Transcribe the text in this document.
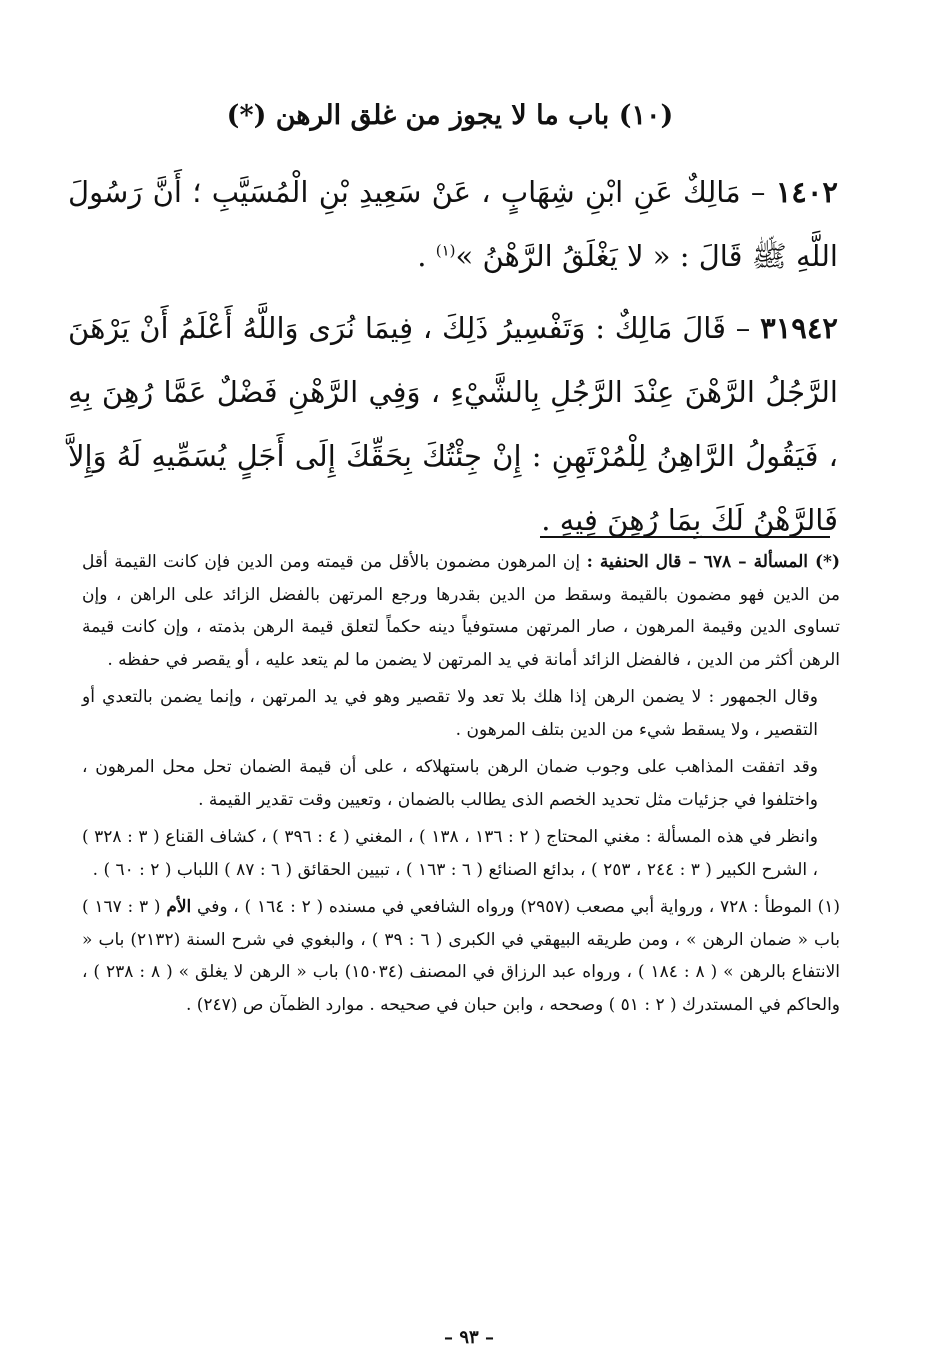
(١٠) باب ما لا يجوز من غلق الرهن (*)

١٤٠٢ – مَالِكٌ عَنِ ابْنِ شِهَابٍ ، عَنْ سَعِيدِ بْنِ الْمُسَيَّبِ ؛ أَنَّ رَسُولَ اللَّهِ ﷺ قَالَ : « لا يَغْلَقُ الرَّهْنُ »$^{(١)}$ .

٣١٩٤٢ – قَالَ مَالِكٌ : وَتَفْسِيرُ ذَلِكَ ، فِيمَا نُرَى وَاللَّهُ أَعْلَمُ أَنْ يَرْهَنَ الرَّجُلُ الرَّهْنَ عِنْدَ الرَّجُلِ بِالشَّيْءِ ، وَفِي الرَّهْنِ فَضْلٌ عَمَّا رُهِنَ بِهِ ، فَيَقُولُ الرَّاهِنُ لِلْمُرْتَهِنِ : إِنْ جِئْتُكَ بِحَقِّكَ إِلَى أَجَلٍ يُسَمِّيهِ لَهُ وَإِلاَّ فَالرَّهْنُ لَكَ بِمَا رُهِنَ فِيهِ .

(*) المسألة – ٦٧٨ – قال الحنفية : إن المرهون مضمون بالأقل من قيمته ومن الدين فإن كانت القيمة أقل من الدين فهو مضمون بالقيمة وسقط من الدين بقدرها ورجع المرتهن بالفضل الزائد على الراهن ، وإن تساوى الدين وقيمة المرهون ، صار المرتهن مستوفياً دينه حكماً لتعلق قيمة الرهن بذمته ، وإن كانت قيمة الرهن أكثر من الدين ، فالفضل الزائد أمانة في يد المرتهن لا يضمن ما لم يتعد عليه ، أو يقصر في حفظه .

وقال الجمهور : لا يضمن الرهن إذا هلك بلا تعد ولا تقصير وهو في يد المرتهن ، وإنما يضمن بالتعدي أو التقصير ، ولا يسقط شيء من الدين بتلف المرهون .

وقد اتفقت المذاهب على وجوب ضمان الرهن باستهلاكه ، على أن قيمة الضمان تحل محل المرهون ، واختلفوا في جزئيات مثل تحديد الخصم الذى يطالب بالضمان ، وتعيين وقت تقدير القيمة .

وانظر في هذه المسألة : مغني المحتاج ( ٢ : ١٣٦ ، ١٣٨ ) ، المغني ( ٤ : ٣٩٦ ) ، كشاف القناع ( ٣ : ٣٢٨ ) ، الشرح الكبير ( ٣ : ٢٤٤ ، ٢٥٣ ) ، بدائع الصنائع ( ٦ : ١٦٣ ) ، تبيين الحقائق ( ٦ : ٨٧ ) اللباب ( ٢ : ٦٠ ) .

(١) الموطأ : ٧٢٨ ، ورواية أبي مصعب (٢٩٥٧) ورواه الشافعي في مسنده ( ٢ : ١٦٤ ) ، وفي الأم ( ٣ : ١٦٧ ) باب « ضمان الرهن » ، ومن طريقه البيهقي في الكبرى ( ٦ : ٣٩ ) ، والبغوي في شرح السنة (٢١٣٢) باب « الانتفاع بالرهن » ( ٨ : ١٨٤ ) ، ورواه عبد الرزاق في المصنف (١٥٠٣٤) باب « الرهن لا يغلق » ( ٨ : ٢٣٨ ) ، والحاكم في المستدرك ( ٢ : ٥١ ) وصححه ، وابن حبان في صحيحه . موارد الظمآن ص (٢٤٧) .

– ٩٣ –
